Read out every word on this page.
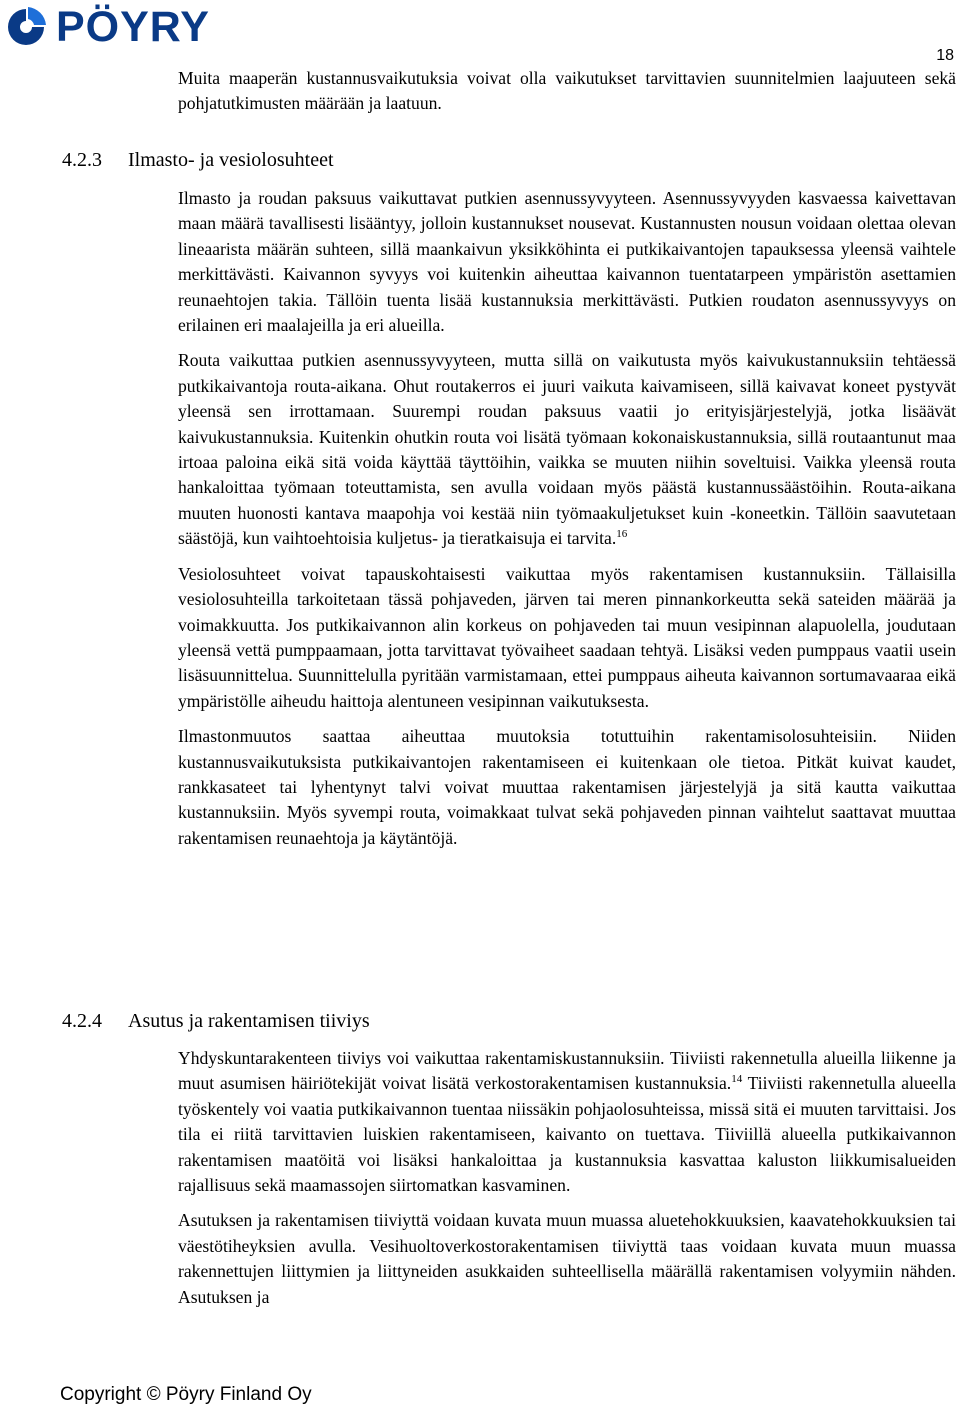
PÖYRY
18

Muita maaperän kustannusvaikutuksia voivat olla vaikutukset tarvittavien suunnitelmien laajuuteen sekä pohjatutkimusten määrään ja laatuun.

4.2.3 Ilmasto- ja vesiolosuhteet

Ilmasto ja roudan paksuus vaikuttavat putkien asennussyvyyteen. Asennussyvyyden kasvaessa kaivettavan maan määrä tavallisesti lisääntyy, jolloin kustannukset nousevat. Kustannusten nousun voidaan olettaa olevan lineaarista määrän suhteen, sillä maankaivun yksikköhinta ei putkikaivantojen tapauksessa yleensä vaihtele merkittävästi. Kaivannon syvyys voi kuitenkin aiheuttaa kaivannon tuentatarpeen ympäristön asettamien reunaehtojen takia. Tällöin tuenta lisää kustannuksia merkittävästi. Putkien roudaton asennussyvyys on erilainen eri maalajeilla ja eri alueilla.

Routa vaikuttaa putkien asennussyvyyteen, mutta sillä on vaikutusta myös kaivukustannuksiin tehtäessä putkikaivantoja routa-aikana. Ohut routakerros ei juuri vaikuta kaivamiseen, sillä kaivavat koneet pystyvät yleensä sen irrottamaan. Suurempi roudan paksuus vaatii jo erityisjärjestelyjä, jotka lisäävät kaivukustannuksia. Kuitenkin ohutkin routa voi lisätä työmaan kokonaiskustannuksia, sillä routaantunut maa irtoaa paloina eikä sitä voida käyttää täyttöihin, vaikka se muuten niihin soveltuisi. Vaikka yleensä routa hankaloittaa työmaan toteuttamista, sen avulla voidaan myös päästä kustannussäästöihin. Routa-aikana muuten huonosti kantava maapohja voi kestää niin työmaakuljetukset kuin -koneetkin. Tällöin saavutetaan säästöjä, kun vaihtoehtoisia kuljetus- ja tieratkaisuja ei tarvita.$^{16}$

Vesiolosuhteet voivat tapauskohtaisesti vaikuttaa myös rakentamisen kustannuksiin. Tällaisilla vesiolosuhteilla tarkoitetaan tässä pohjaveden, järven tai meren pinnankorkeutta sekä sateiden määrää ja voimakkuutta. Jos putkikaivannon alin korkeus on pohjaveden tai muun vesipinnan alapuolella, joudutaan yleensä vettä pumppaamaan, jotta tarvittavat työvaiheet saadaan tehtyä. Lisäksi veden pumppaus vaatii usein lisäsuunnittelua. Suunnittelulla pyritään varmistamaan, ettei pumppaus aiheuta kaivannon sortumavaaraa eikä ympäristölle aiheudu haittoja alentuneen vesipinnan vaikutuksesta.

Ilmastonmuutos saattaa aiheuttaa muutoksia totuttuihin rakentamisolosuhteisiin. Niiden kustannusvaikutuksista putkikaivantojen rakentamiseen ei kuitenkaan ole tietoa. Pitkät kuivat kaudet, rankkasateet tai lyhentynyt talvi voivat muuttaa rakentamisen järjestelyjä ja sitä kautta vaikuttaa kustannuksiin. Myös syvempi routa, voimakkaat tulvat sekä pohjaveden pinnan vaihtelut saattavat muuttaa rakentamisen reunaehtoja ja käytäntöjä.

4.2.4 Asutus ja rakentamisen tiiviys

Yhdyskuntarakenteen tiiviys voi vaikuttaa rakentamiskustannuksiin. Tiiviisti rakennetulla alueilla liikenne ja muut asumisen häiriötekijät voivat lisätä verkostorakentamisen kustannuksia.$^{14}$ Tiiviisti rakennetulla alueella työskentely voi vaatia putkikaivannon tuentaa niissäkin pohjaolosuhteissa, missä sitä ei muuten tarvittaisi. Jos tila ei riitä tarvittavien luiskien rakentamiseen, kaivanto on tuettava. Tiiviillä alueella putkikaivannon rakentamisen maatöitä voi lisäksi hankaloittaa ja kustannuksia kasvattaa kaluston liikkumisalueiden rajallisuus sekä maamassojen siirtomatkan kasvaminen.

Asutuksen ja rakentamisen tiiviyttä voidaan kuvata muun muassa aluetehokkuuksien, kaavatehokkuuksien tai väestötiheyksien avulla. Vesihuoltoverkostorakentamisen tiiviyttä taas voidaan kuvata muun muassa rakennettujen liittymien ja liittyneiden asukkaiden suhteellisella määrällä rakentamisen volyymiin nähden. Asutuksen ja

Copyright © Pöyry Finland Oy
